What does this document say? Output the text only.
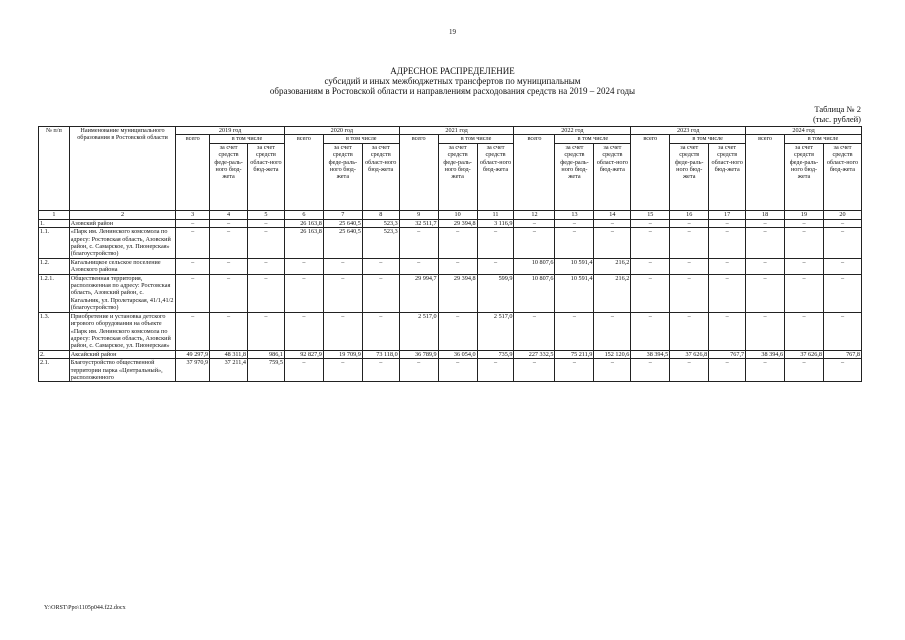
19
АДРЕСНОЕ РАСПРЕДЕЛЕНИЕ
субсидий и иных межбюджетных трансфертов по муниципальным
образованиям в Ростовской области и направлениям расходования средств на 2019 – 2024 годы
Таблица № 2
(тыс. рублей)
№ п/п	Наименование муниципального образования в Ростовской области	2019 год			2020 год			2021 год			2022 год			2023 год			2024 год		
		всего	в том числе		всего	в том числе		всего	в том числе		всего	в том числе		всего	в том числе		всего	в том числе	
			за счет средств феде-раль-ного бюд-жета	за счет средств област-ного бюд-жета		за счет средств феде-раль-ного бюд-жета	за счет средств област-ного бюд-жета		за счет средств феде-раль-ного бюд-жета	за счет средств област-ного бюд-жета		за счет средств феде-раль-ного бюд-жета	за счет средств област-ного бюд-жета		за счет средств феде-раль-ного бюд-жета	за счет средств област-ного бюд-жета		за счет средств феде-раль-ного бюд-жета	за счет средств област-ного бюд-жета
1	2	3	4	5	6	7	8	9	10	11	12	13	14	15	16	17	18	19	20
1.	Азовский район	–	–	–	26 163,8	25 640,5	523,3	32 511,7	29 394,8	3 116,9	–	–	–	–	–	–	–	–	–
1.1.	«Парк им. Ленинского комсомола по адресу: Ростовская область, Азовский район, с. Самарское, ул. Пионерская» (благоустройство)	–	–	–	26 163,8	25 640,5	523,3	–	–	–	–	–	–	–	–	–	–	–	–
1.2.	Кагальницкое сельское поселение Азовского района	–	–	–	–	–	–	–	–	–	10 807,6	10 591,4	216,2	–	–	–	–	–	–
1.2.1.	Общественная территория, расположенная по адресу: Ростовская область, Азовский район, с. Кагальник, ул. Пролетарская, 41/1,41/2 (благоустройство)	–	–	–	–	–	–	29 994,7	29 394,8	599,9	10 807,6	10 591,4	216,2	–	–	–	–	–	–
1.3.	Приобретение и установка детского игрового оборудования на объекте «Парк им. Ленинского комсомола по адресу: Ростовская область, Азовский район, с. Самарское, ул. Пионерская»	–	–	–	–	–	–	2 517,0	–	2 517,0	–	–	–	–	–	–	–	–	–
2.	Аксайский район	49 297,9	48 311,8	986,1	92 827,9	19 709,9	73 118,0	36 789,9	36 054,0	735,9	227 332,5	75 211,9	152 120,6	38 394,5	37 626,8	767,7	38 394,6	37 626,8	767,8
2.1.	Благоустройство общественной территории парка «Центральный», расположенного	37 970,9	37 211,4	759,5	–	–	–	–	–	–	–	–	–	–	–	–	–	–	–
Y:\ORST\Ppo\1105p044.f22.docx
